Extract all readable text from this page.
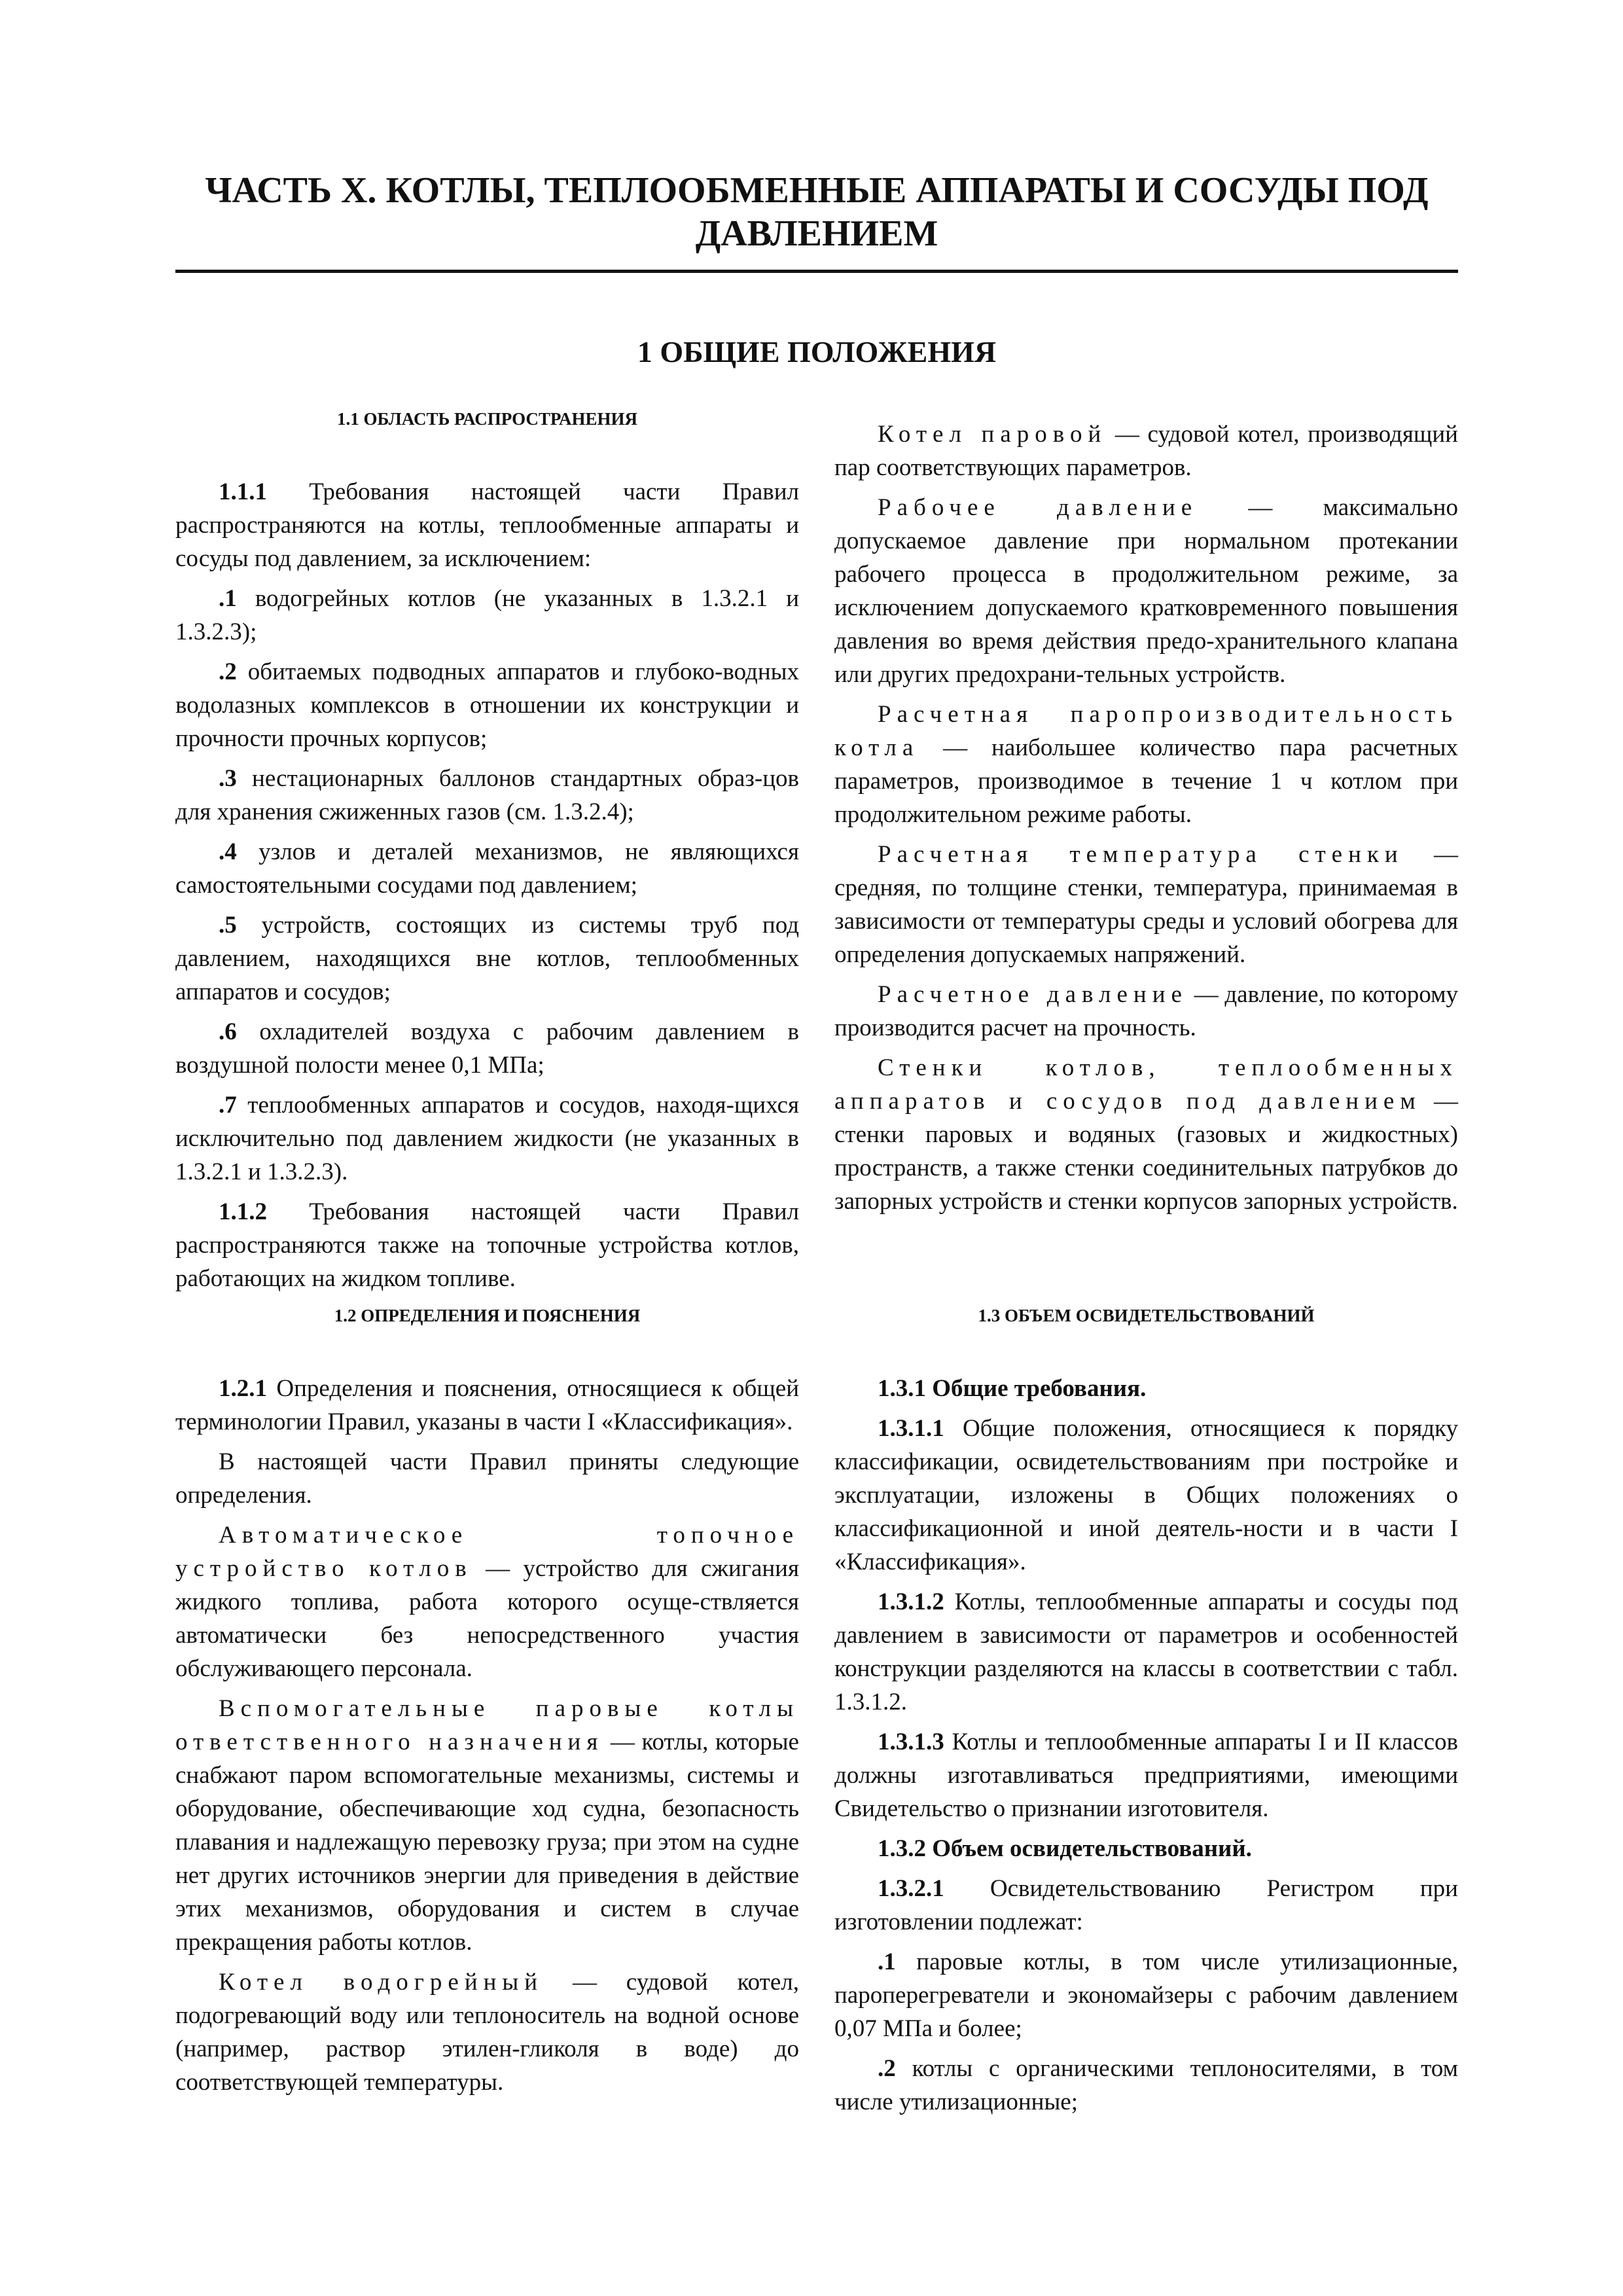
ЧАСТЬ X. КОТЛЫ, ТЕПЛООБМЕННЫЕ АППАРАТЫ И СОСУДЫ ПОД ДАВЛЕНИЕМ
1 ОБЩИЕ ПОЛОЖЕНИЯ
1.1 ОБЛАСТЬ РАСПРОСТРАНЕНИЯ

1.1.1 Требования настоящей части Правил распространяются на котлы, теплообменные аппараты и сосуды под давлением, за исключением:

.1 водогрейных котлов (не указанных в 1.3.2.1 и 1.3.2.3);

.2 обитаемых подводных аппаратов и глубоко-водных водолазных комплексов в отношении их конструкции и прочности прочных корпусов;

.3 нестационарных баллонов стандартных образ-цов для хранения сжиженных газов (см. 1.3.2.4);

.4 узлов и деталей механизмов, не являющихся самостоятельными сосудами под давлением;

.5 устройств, состоящих из системы труб под давлением, находящихся вне котлов, теплообменных аппаратов и сосудов;

.6 охладителей воздуха с рабочим давлением в воздушной полости менее 0,1 МПа;

.7 теплообменных аппаратов и сосудов, находя-щихся исключительно под давлением жидкости (не указанных в 1.3.2.1 и 1.3.2.3).

1.1.2 Требования настоящей части Правил распространяются также на топочные устройства котлов, работающих на жидком топливе.

Котел паровой — судовой котел, производящий пар соответствующих параметров.

Рабочее давление — максимально допускаемое давление при нормальном протекании рабочего процесса в продолжительном режиме, за исключением допускаемого кратковременного повышения давления во время действия предо-хранительного клапана или других предохрани-тельных устройств.

Расчетная паропроизводительность котла — наибольшее количество пара расчетных параметров, производимое в течение 1 ч котлом при продолжительном режиме работы.

Расчетная температура стенки — средняя, по толщине стенки, температура, принимаемая в зависимости от температуры среды и условий обогрева для определения допускаемых напряжений.

Расчетное давление — давление, по которому производится расчет на прочность.

Стенки котлов, теплообменных аппаратов и сосудов под давлением — стенки паровых и водяных (газовых и жидкостных) пространств, а также стенки соединительных патрубков до запорных устройств и стенки корпусов запорных устройств.

1.2 ОПРЕДЕЛЕНИЯ И ПОЯСНЕНИЯ

1.2.1 Определения и пояснения, относящиеся к общей терминологии Правил, указаны в части I «Классификация».

В настоящей части Правил приняты следующие определения.

Автоматическое топочное устройство котлов — устройство для сжигания жидкого топлива, работа которого осуще-ствляется автоматически без непосредственного участия обслуживающего персонала.

Вспомогательные паровые котлы ответственного назначения — котлы, которые снабжают паром вспомогательные механизмы, системы и оборудование, обеспечивающие ход судна, безопасность плавания и надлежащую перевозку груза; при этом на судне нет других источников энергии для приведения в действие этих механизмов, оборудования и систем в случае прекращения работы котлов.

Котел водогрейный — судовой котел, подогревающий воду или теплоноситель на водной основе (например, раствор этилен-гликоля в воде) до соответствующей температуры.

1.3 ОБЪЕМ ОСВИДЕТЕЛЬСТВОВАНИЙ

1.3.1 Общие требования.

1.3.1.1 Общие положения, относящиеся к порядку классификации, освидетельствованиям при постройке и эксплуатации, изложены в Общих положениях о классификационной и иной деятель-ности и в части I «Классификация».

1.3.1.2 Котлы, теплообменные аппараты и сосуды под давлением в зависимости от параметров и особенностей конструкции разделяются на классы в соответствии с табл. 1.3.1.2.

1.3.1.3 Котлы и теплообменные аппараты I и II классов должны изготавливаться предприятиями, имеющими Свидетельство о признании изготовителя.

1.3.2 Объем освидетельствований.

1.3.2.1 Освидетельствованию Регистром при изготовлении подлежат:

.1 паровые котлы, в том числе утилизационные, пароперегреватели и экономайзеры с рабочим давлением 0,07 МПа и более;

.2 котлы с органическими теплоносителями, в том числе утилизационные;
